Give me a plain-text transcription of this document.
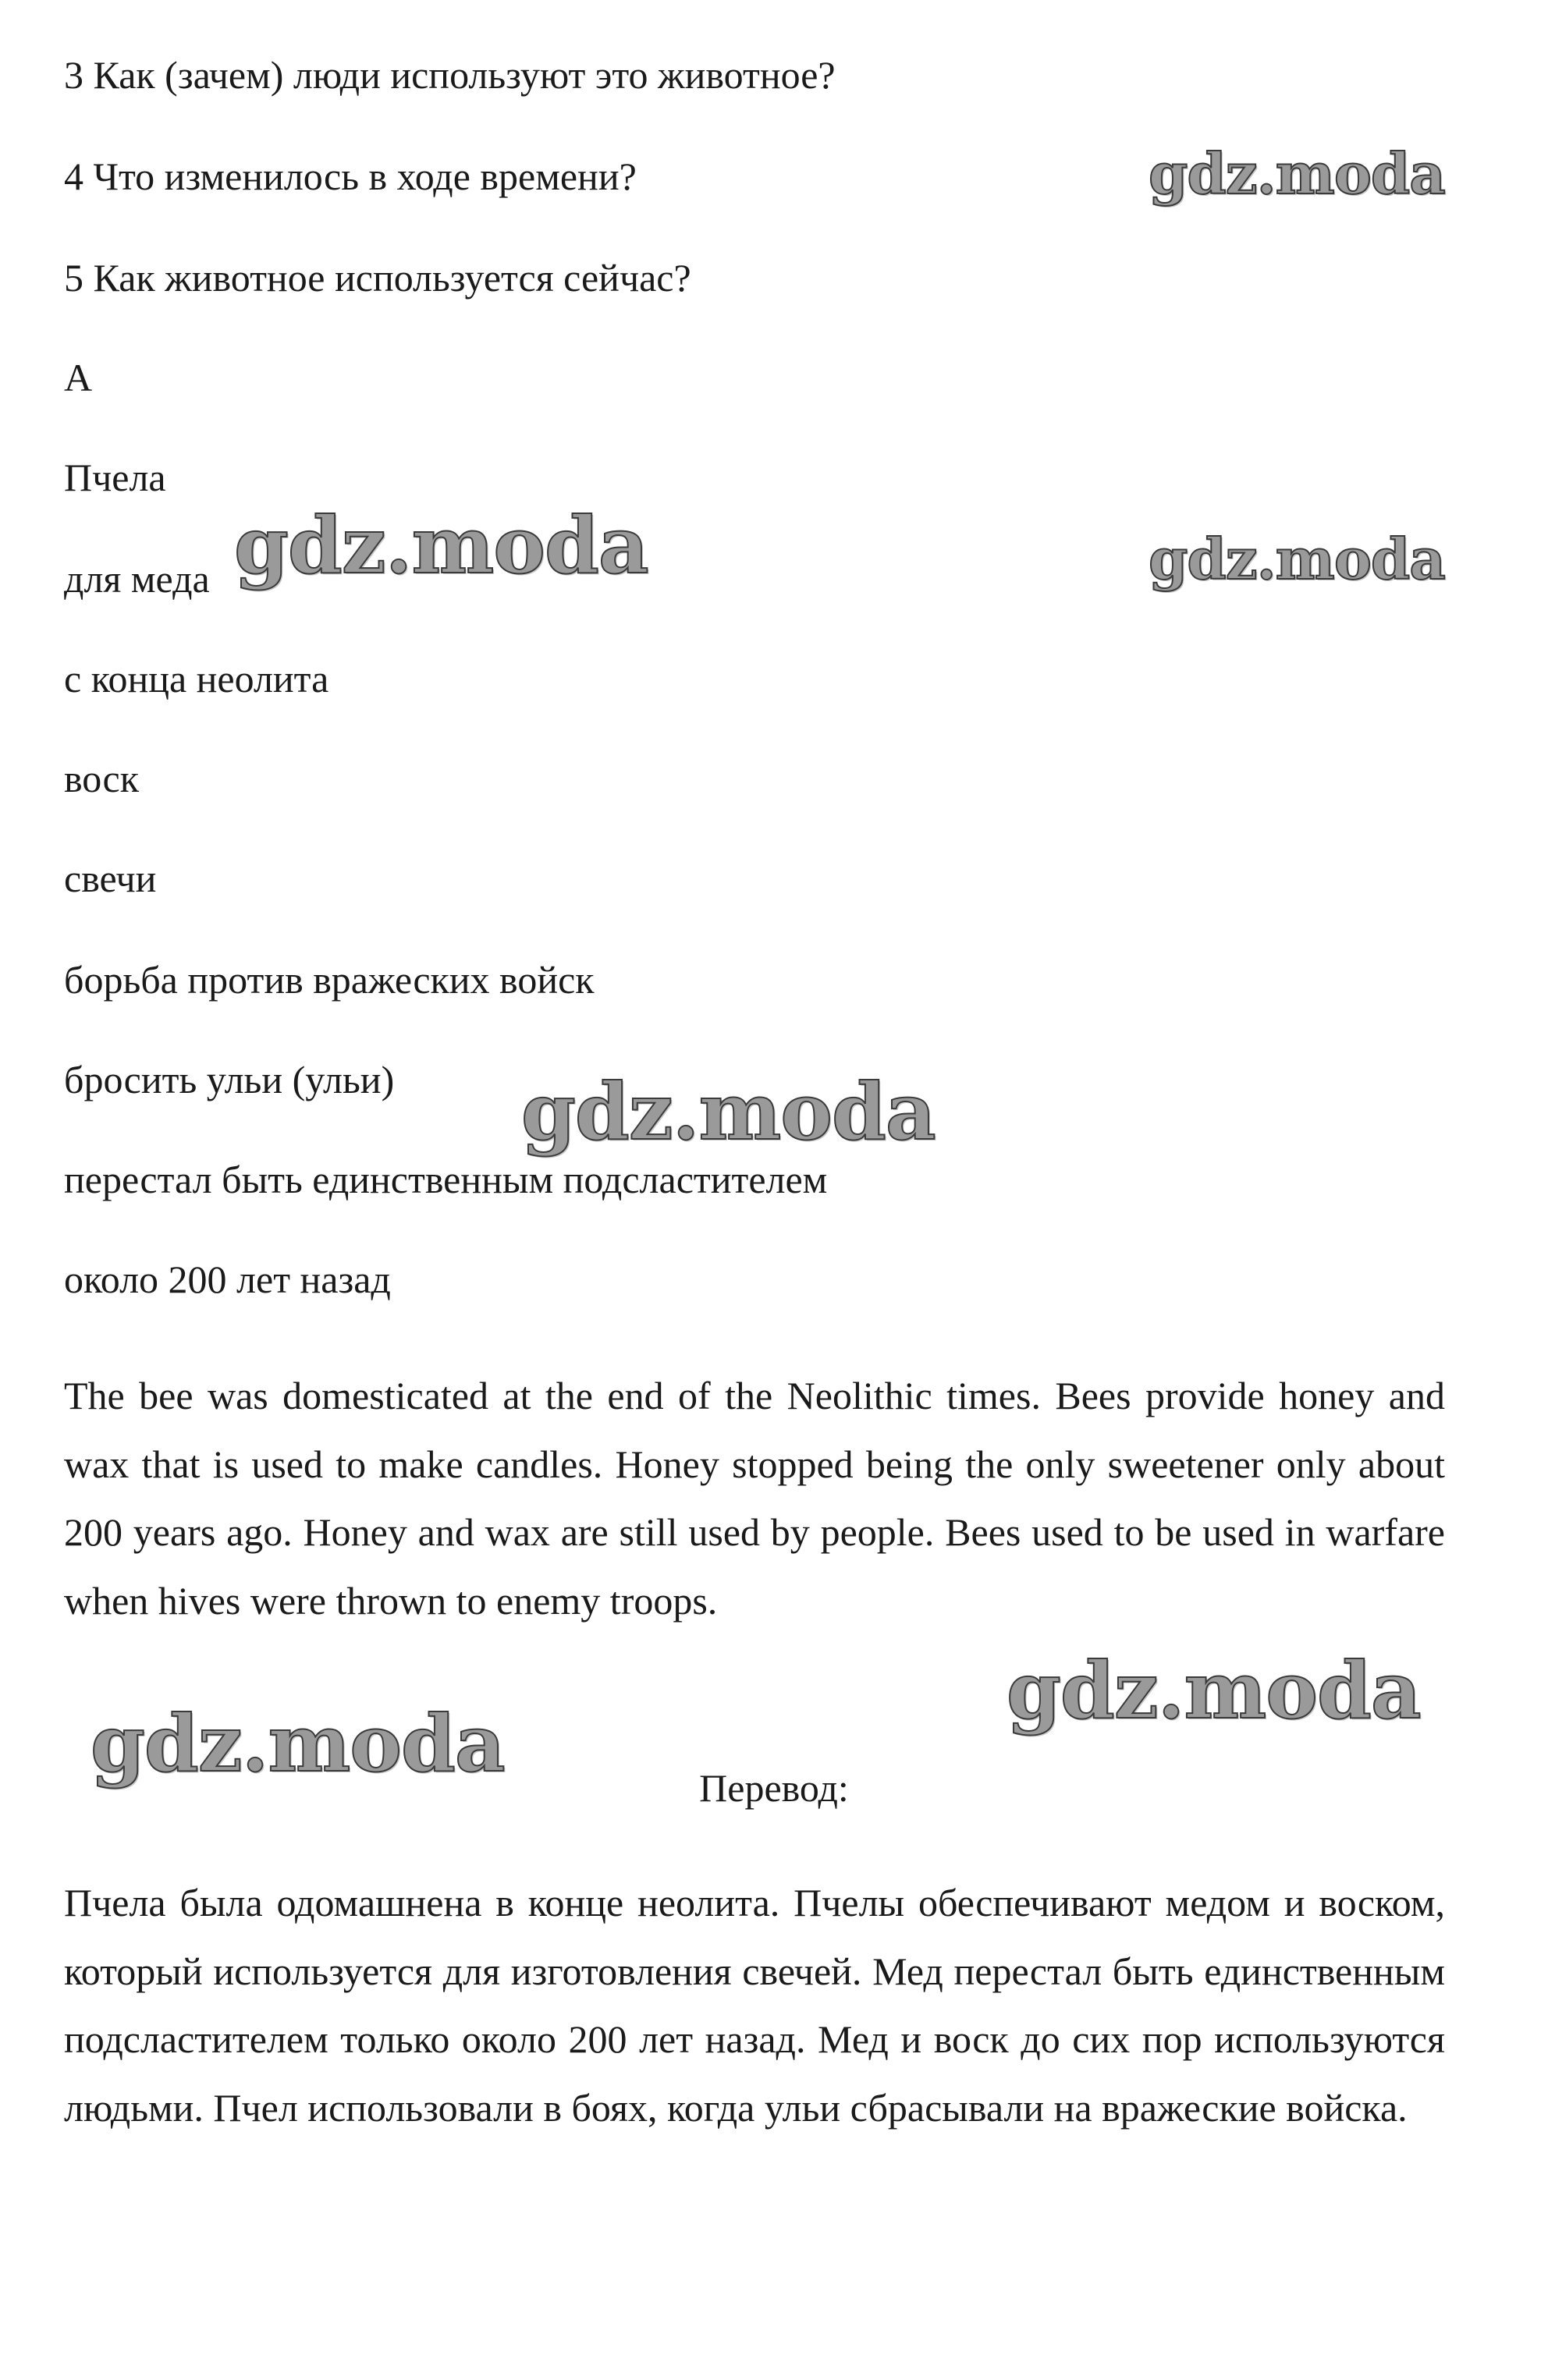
3 Как (зачем) люди используют это животное?
4 Что изменилось в ходе времени?
5 Как животное используется сейчас?
A
Пчела
для меда
с конца неолита
воск
свечи
борьба против вражеских войск
бросить ульи (ульи)
перестал быть единственным подсластителем
около 200 лет назад
The bee was domesticated at the end of the Neolithic times. Bees provide honey and wax that is used to make candles. Honey stopped being the only sweetener only about 200 years ago. Honey and wax are still used by people. Bees used to be used in warfare when hives were thrown to enemy troops.
Перевод:
Пчела была одомашнена в конце неолита. Пчелы обеспечивают медом и воском, который используется для изготовления свечей. Мед перестал быть единственным подсластителем только около 200 лет назад. Мед и воск до сих пор используются людьми. Пчел использовали в боях, когда ульи сбрасывали на вражеские войска.
gdz.moda
gdz.moda	gdz.moda
gdz.moda
gdz.moda
gdz.moda
